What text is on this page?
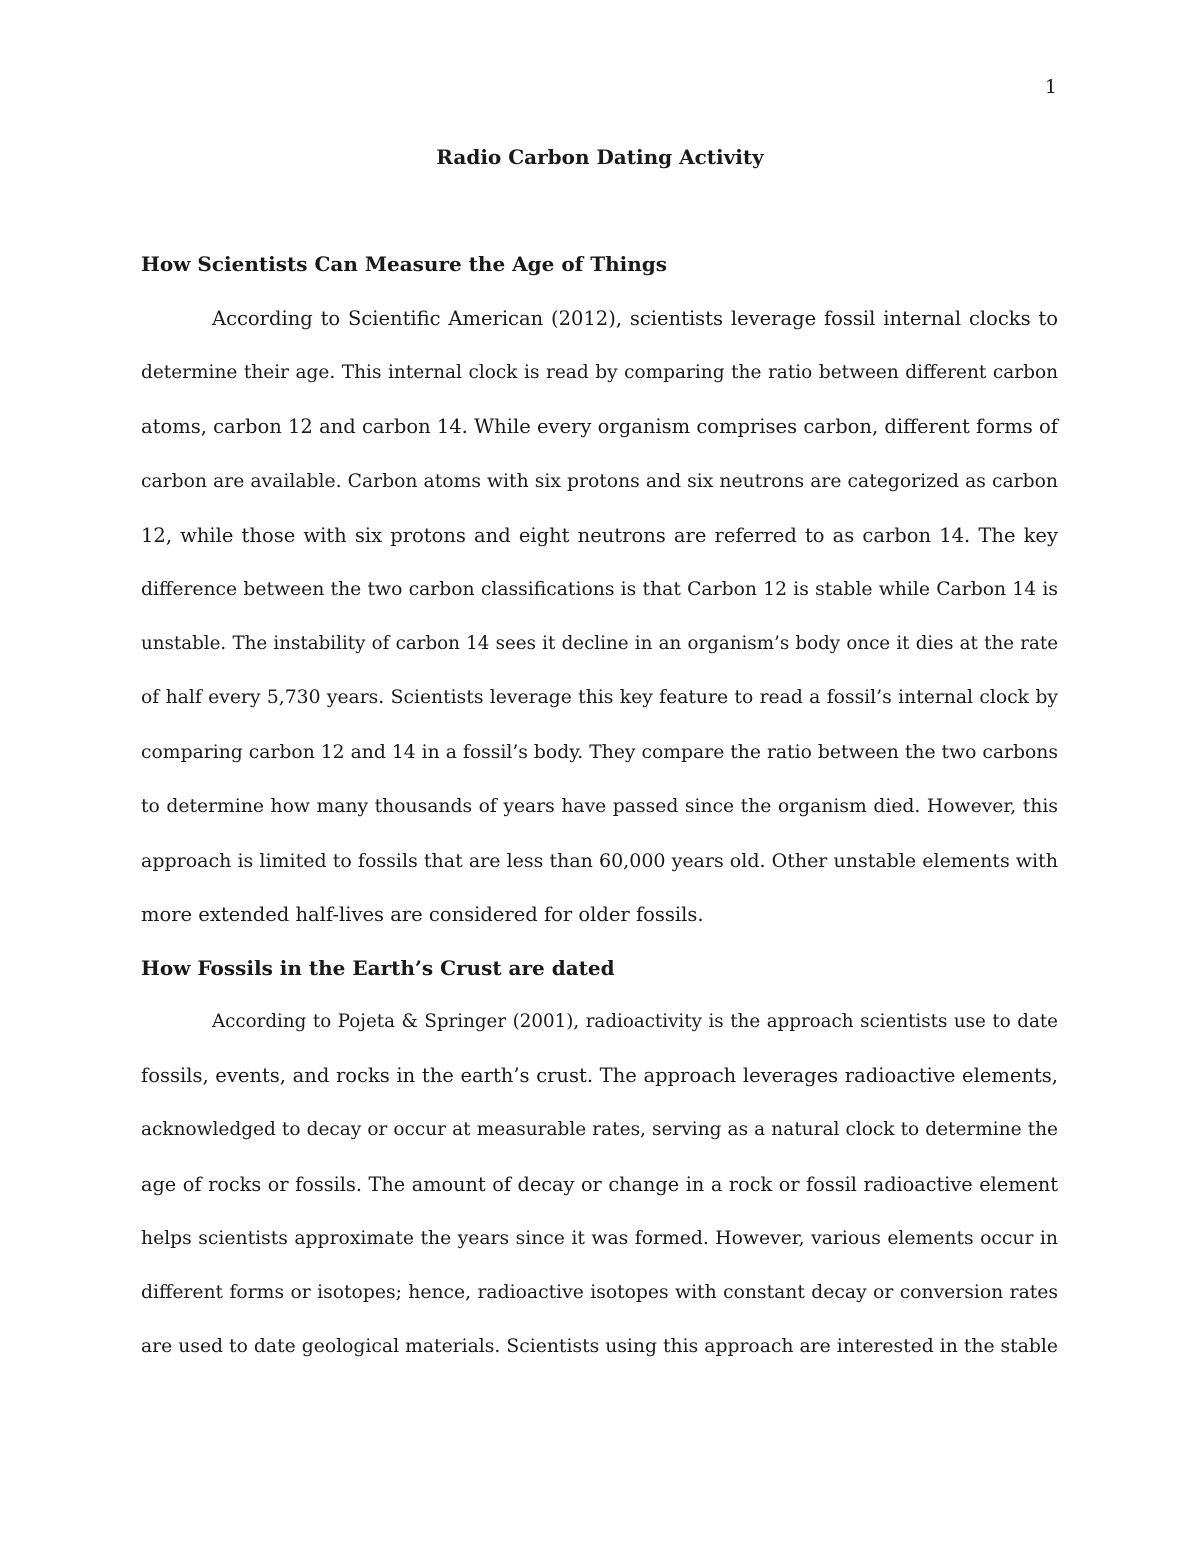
1
Radio Carbon Dating Activity
How Scientists Can Measure the Age of Things
According to Scientific American (2012), scientists leverage fossil internal clocks to
determine their age. This internal clock is read by comparing the ratio between different carbon
atoms, carbon 12 and carbon 14. While every organism comprises carbon, different forms of
carbon are available. Carbon atoms with six protons and six neutrons are categorized as carbon
12, while those with six protons and eight neutrons are referred to as carbon 14. The key
difference between the two carbon classifications is that Carbon 12 is stable while Carbon 14 is
unstable. The instability of carbon 14 sees it decline in an organism’s body once it dies at the rate
of half every 5,730 years. Scientists leverage this key feature to read a fossil’s internal clock by
comparing carbon 12 and 14 in a fossil’s body. They compare the ratio between the two carbons
to determine how many thousands of years have passed since the organism died. However, this
approach is limited to fossils that are less than 60,000 years old. Other unstable elements with
more extended half-lives are considered for older fossils.
How Fossils in the Earth’s Crust are dated
According to Pojeta & Springer (2001), radioactivity is the approach scientists use to date
fossils, events, and rocks in the earth’s crust. The approach leverages radioactive elements,
acknowledged to decay or occur at measurable rates, serving as a natural clock to determine the
age of rocks or fossils. The amount of decay or change in a rock or fossil radioactive element
helps scientists approximate the years since it was formed. However, various elements occur in
different forms or isotopes; hence, radioactive isotopes with constant decay or conversion rates
are used to date geological materials. Scientists using this approach are interested in the stable
